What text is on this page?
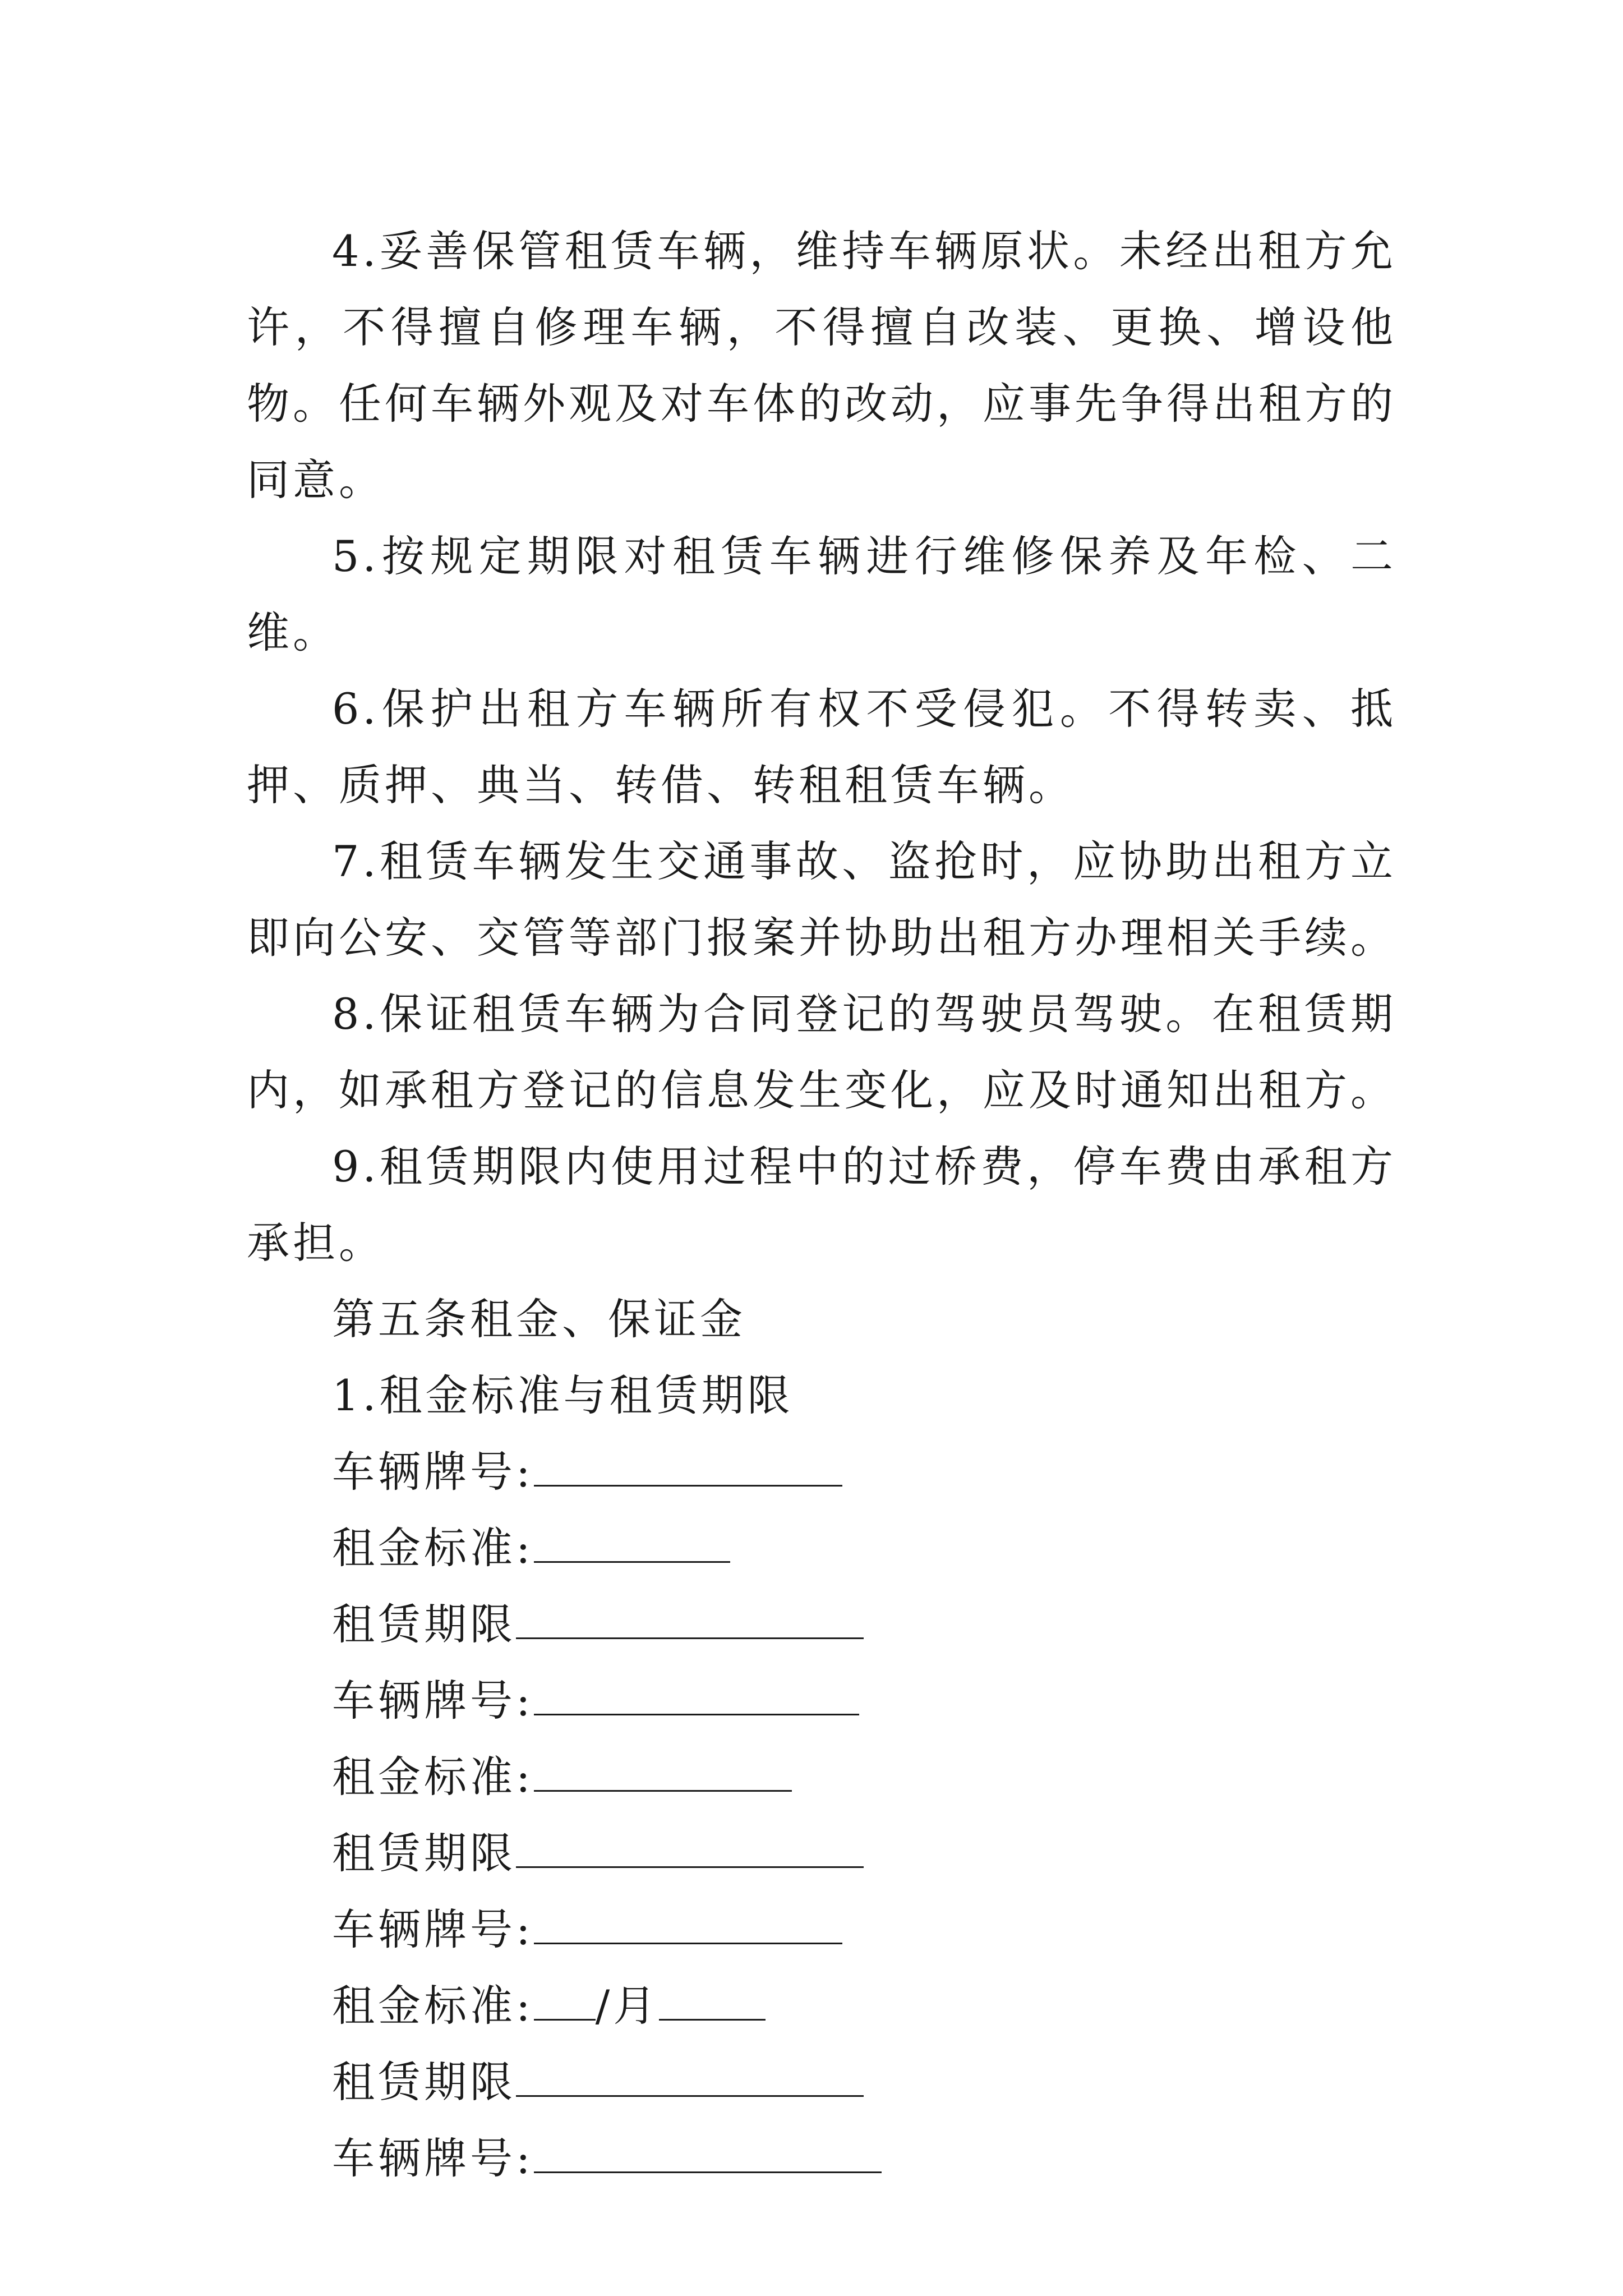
4.妥善保管租赁车辆，维持车辆原状。未经出租方允许，不得擅自修理车辆，不得擅自改装、更换、增设他物。任何车辆外观及对车体的改动，应事先争得出租方的同意。

5.按规定期限对租赁车辆进行维修保养及年检、二维。

6.保护出租方车辆所有权不受侵犯。不得转卖、抵押、质押、典当、转借、转租租赁车辆。

7.租赁车辆发生交通事故、盗抢时，应协助出租方立即向公安、交管等部门报案并协助出租方办理相关手续。

8.保证租赁车辆为合同登记的驾驶员驾驶。在租赁期内，如承租方登记的信息发生变化，应及时通知出租方。

9.租赁期限内使用过程中的过桥费，停车费由承租方承担。

第五条租金、保证金

1.租金标准与租赁期限

车辆牌号:

租金标准:

租赁期限

车辆牌号:

租金标准:

租赁期限

车辆牌号:

租金标准: /月

租赁期限

车辆牌号:
